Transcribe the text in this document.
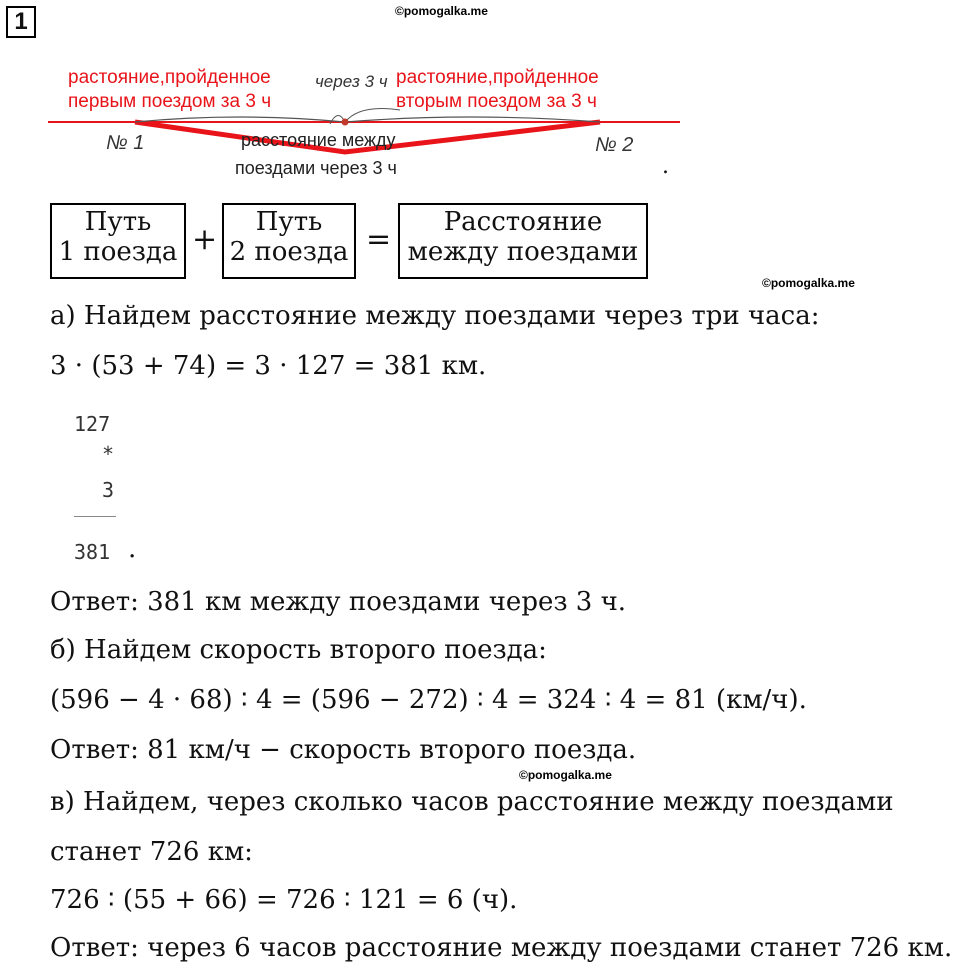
1	©pomogalka.me
растояние,пройденное
первым поездом за 3 ч
через 3 ч растояние,пройденное
вторым поездом за 3 ч
№ 1	№ 2
расстояние между
поездами через 3 ч	.
Путь
1 поезда +	Путь
2 поезда =	Расстояние
между поездами
©pomogalka.me
а) Найдем расстояние между поездами через три часа:
3 · (53 + 74) = 3 · 127 = 381 км.
127
*
3
381 .
Ответ: 381 км между поездами через 3 ч.
б) Найдем скорость второго поезда:
(596 − 4 · 68) ∶ 4 = (596 − 272) ∶ 4 = 324 ∶ 4 = 81 (км/ч).
Ответ: 81 км/ч − скорость второго поезда.
©pomogalka.me
в) Найдем, через сколько часов расстояние между поездами
станет 726 км:
726 ∶ (55 + 66) = 726 ∶ 121 = 6 (ч).
Ответ: через 6 часов расстояние между поездами станет 726 км.
